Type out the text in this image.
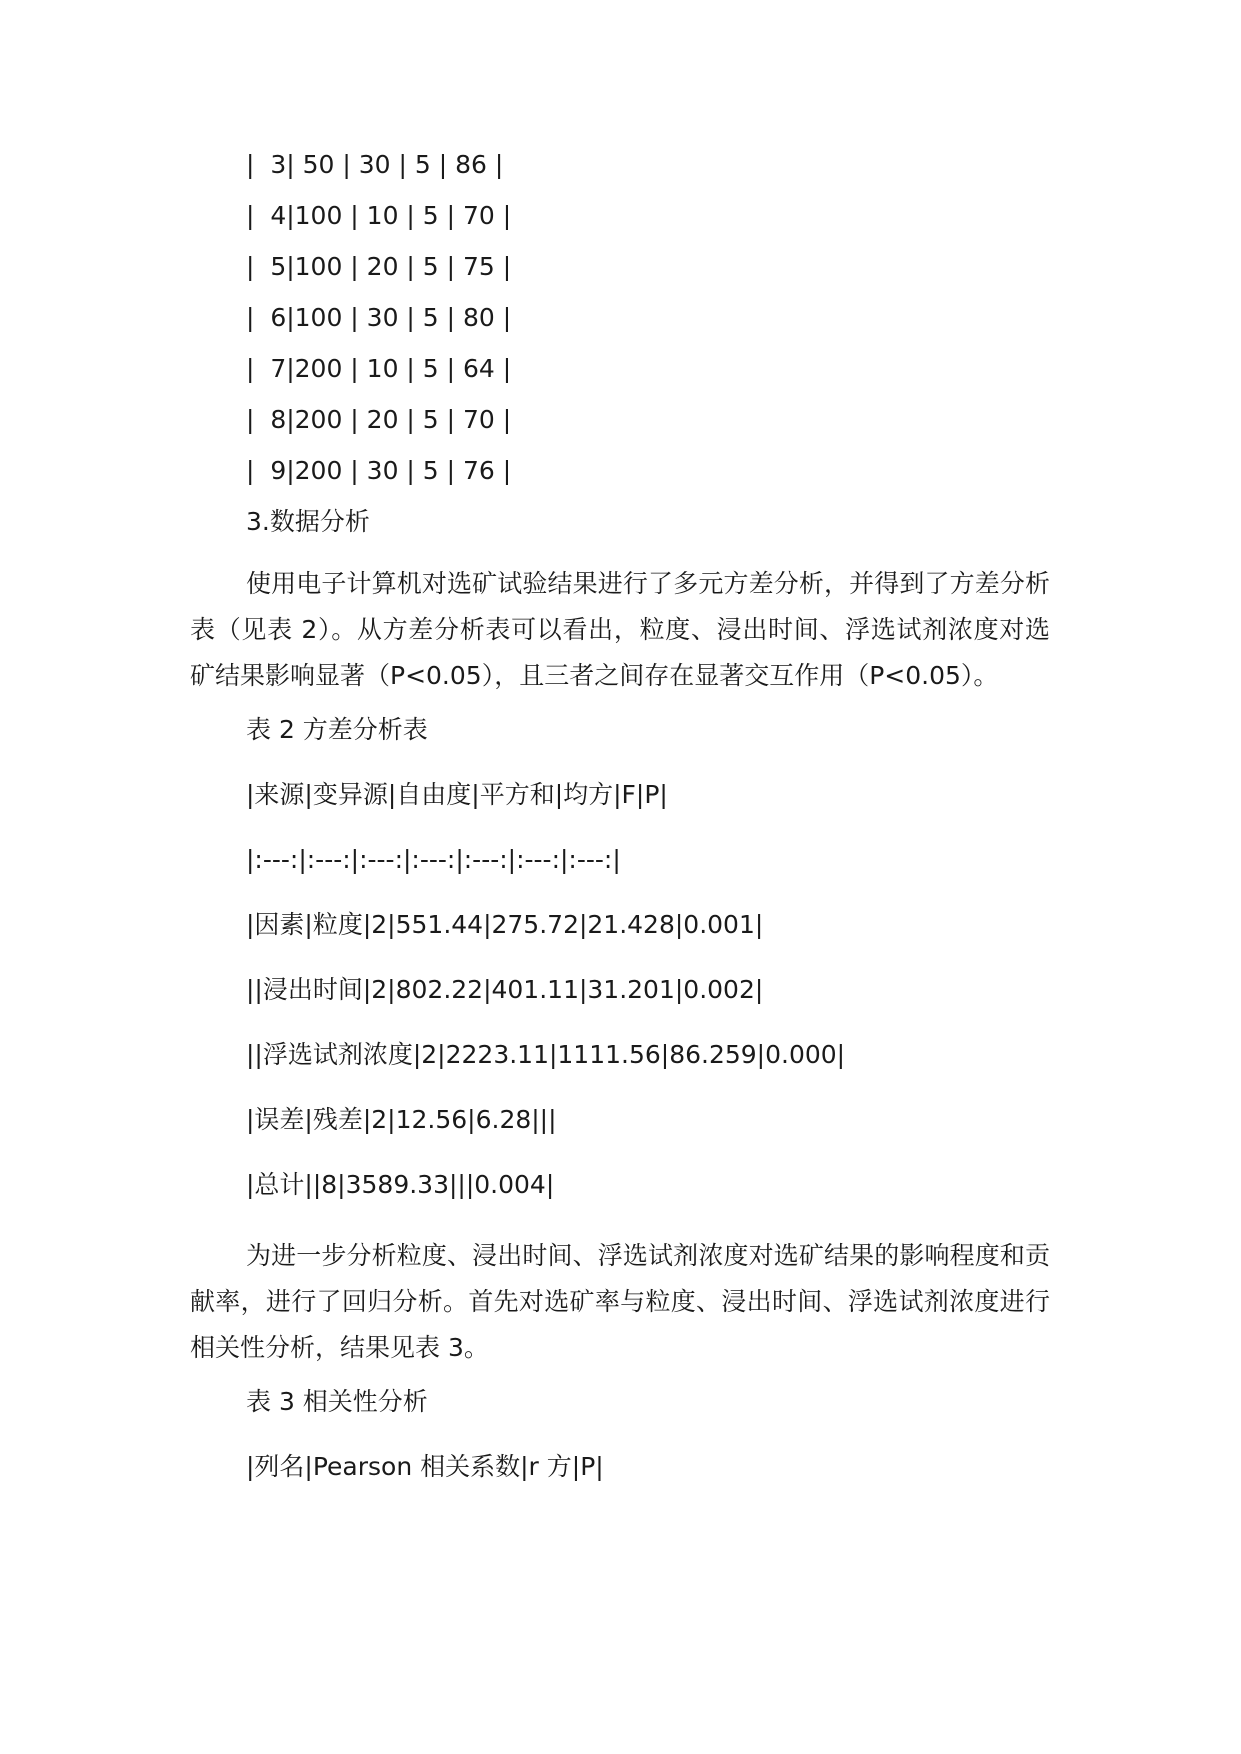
|  3| 50 | 30 | 5 | 86 |

|  4|100 | 10 | 5 | 70 |

|  5|100 | 20 | 5 | 75 |

|  6|100 | 30 | 5 | 80 |

|  7|200 | 10 | 5 | 64 |

|  8|200 | 20 | 5 | 70 |

|  9|200 | 30 | 5 | 76 |

3.数据分析

使用电子计算机对选矿试验结果进行了多元方差分析，并得到了方差分析表（见表 2）。从方差分析表可以看出，粒度、浸出时间、浮选试剂浓度对选矿结果影响显著（P<0.05），且三者之间存在显著交互作用（P<0.05）。

表 2 方差分析表

|来源|变异源|自由度|平方和|均方|F|P|

|:---:|:---:|:---:|:---:|:---:|:---:|:---:|

|因素|粒度|2|551.44|275.72|21.428|0.001|

||浸出时间|2|802.22|401.11|31.201|0.002|

||浮选试剂浓度|2|2223.11|1111.56|86.259|0.000|

|误差|残差|2|12.56|6.28|||

|总计||8|3589.33|||0.004|

为进一步分析粒度、浸出时间、浮选试剂浓度对选矿结果的影响程度和贡献率，进行了回归分析。首先对选矿率与粒度、浸出时间、浮选试剂浓度进行相关性分析，结果见表 3。

表 3 相关性分析

|列名|Pearson 相关系数|r 方|P|
